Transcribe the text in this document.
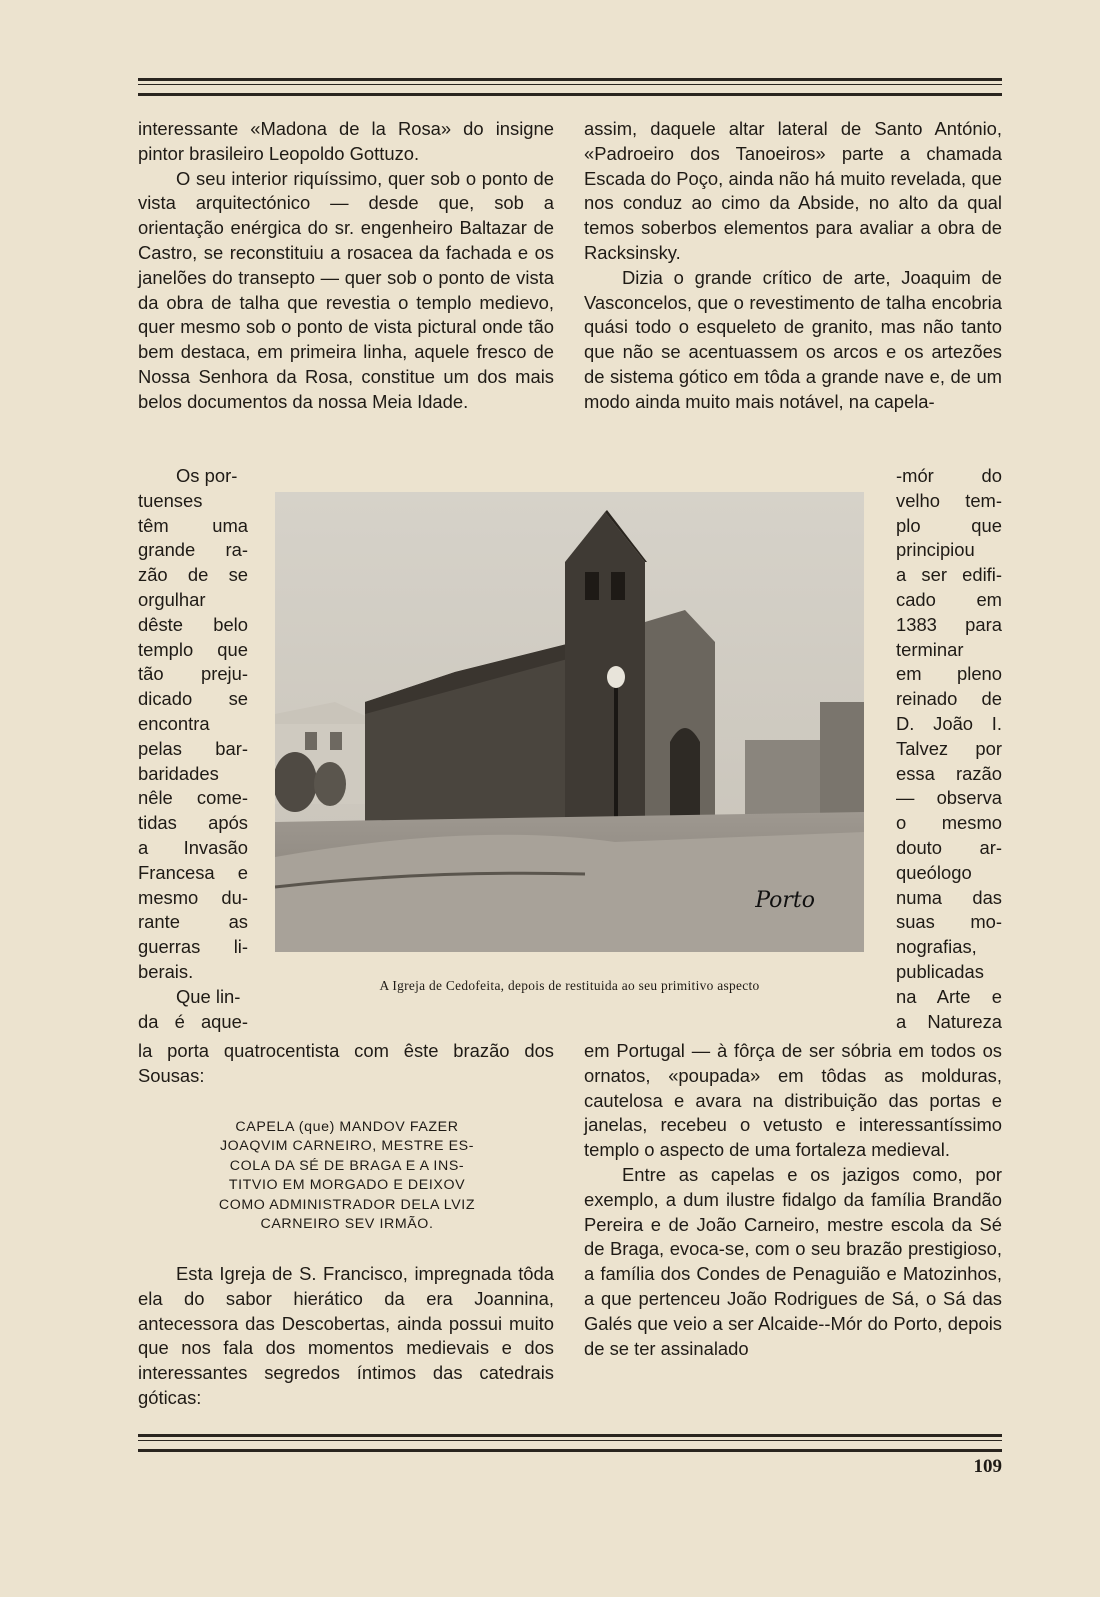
interessante «Madona de la Rosa» do insigne pintor brasileiro Leopoldo Gottuzo.

O seu interior riquíssimo, quer sob o ponto de vista arquitectónico — desde que, sob a orientação enérgica do sr. engenheiro Baltazar de Castro, se reconstituiu a rosacea da fachada e os janelões do transepto — quer sob o ponto de vista da obra de talha que revestia o templo medievo, quer mesmo sob o ponto de vista pictural onde tão bem destaca, em primeira linha, aquele fresco de Nossa Senhora da Rosa, constitue um dos mais belos documentos da nossa Meia Idade.

Os por-
tuenses
têm uma
grande ra-
zão de se
orgulhar
dêste belo
templo que
tão preju-
dicado se
encontra
pelas bar-
baridades
nêle come-
tidas após
a Invasão
Francesa e
mesmo du-
rante as
guerras li-
berais.
Que lin-
da é aque-
Porto
A Igreja de Cedofeita, depois de restituida ao seu primitivo aspecto

assim, daquele altar lateral de Santo António, «Padroeiro dos Tanoeiros» parte a chamada Escada do Poço, ainda não há muito revelada, que nos conduz ao cimo da Abside, no alto da qual temos soberbos elementos para avaliar a obra de Racksinsky.

Dizia o grande crítico de arte, Joaquim de Vasconcelos, que o revestimento de talha encobria quási todo o esqueleto de granito, mas não tanto que não se acentuassem os arcos e os artezões de sistema gótico em tôda a grande nave e, de um modo ainda muito mais notável, na capela-

-mór do
velho tem-
plo que
principiou
a ser edifi-
cado em
1383 para
terminar
em pleno
reinado de
D. João I.
Talvez por
essa razão
— observa
o mesmo
douto ar-
queólogo
numa das
suas mo-
nografias,
publicadas
na Arte e
a Natureza

la porta quatrocentista com êste brazão dos Sousas:

CAPELA (que) MANDOV FAZER
JOAQVIM CARNEIRO, MESTRE ES-
COLA DA SÉ DE BRAGA E A INS-
TITVIO EM MORGADO E DEIXOV
COMO ADMINISTRADOR DELA LVIZ
CARNEIRO SEV IRMÃO.

Esta Igreja de S. Francisco, impregnada tôda ela do sabor hierático da era Joannina, antecessora das Descobertas, ainda possui muito que nos fala dos momentos medievais e dos interessantes segredos íntimos das catedrais góticas:

em Portugal — à fôrça de ser sóbria em todos os ornatos, «poupada» em tôdas as molduras, cautelosa e avara na distribuição das portas e janelas, recebeu o vetusto e interessantíssimo templo o aspecto de uma fortaleza medieval.

Entre as capelas e os jazigos como, por exemplo, a dum ilustre fidalgo da família Brandão Pereira e de João Carneiro, mestre escola da Sé de Braga, evoca-se, com o seu brazão prestigioso, a família dos Condes de Penaguião e Matozinhos, a que pertenceu João Rodrigues de Sá, o Sá das Galés que veio a ser Alcaide--Mór do Porto, depois de se ter assinalado

109
